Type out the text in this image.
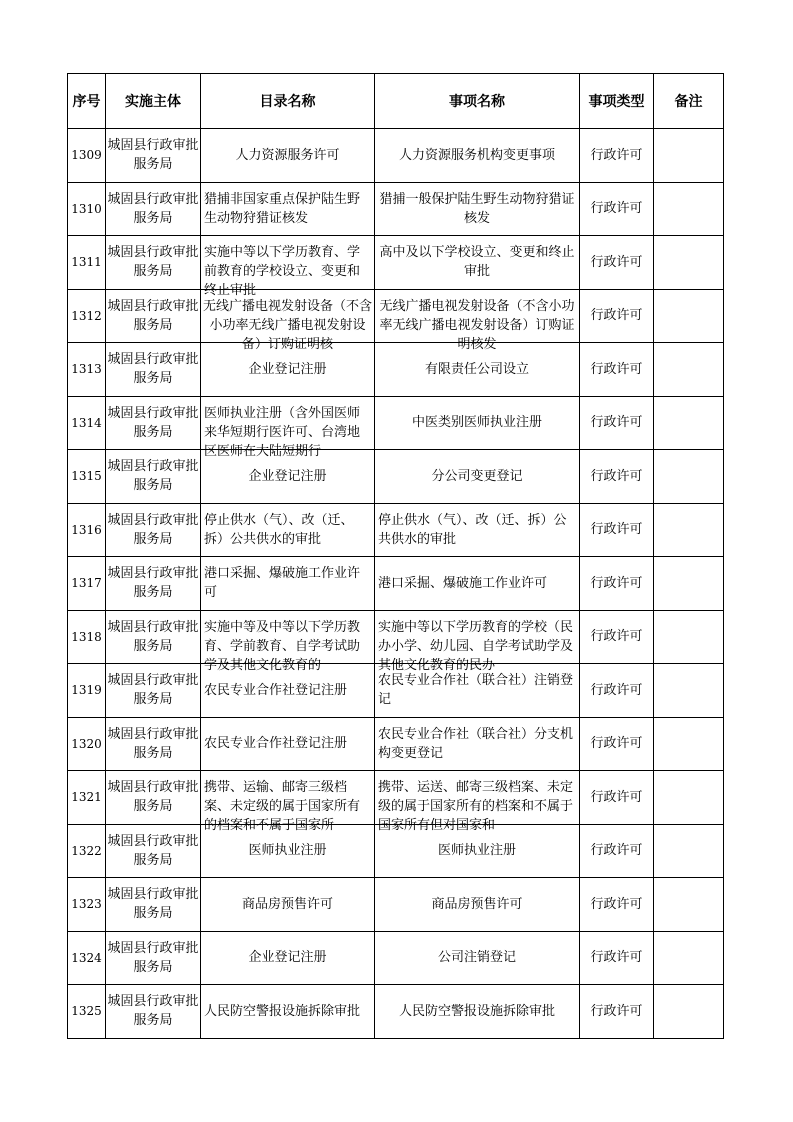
序号	实施主体	目录名称	事项名称	事项类型	备注
1309	城固县行政审批服务局	人力资源服务许可	人力资源服务机构变更事项	行政许可	

1310	城固县行政审批服务局	猎捕非国家重点保护陆生野生动物狩猎证核发	猎捕一般保护陆生野生动物狩猎证核发	行政许可	

1311	城固县行政审批服务局	实施中等以下学历教育、学前教育的学校设立、变更和终止审批	高中及以下学校设立、变更和终止审批	行政许可	

1312	城固县行政审批服务局	无线广播电视发射设备（不含小功率无线广播电视发射设备）订购证明核	无线广播电视发射设备（不含小功率无线广播电视发射设备）订购证明核发	行政许可	

1313	城固县行政审批服务局	企业登记注册	有限责任公司设立	行政许可	

1314	城固县行政审批服务局	医师执业注册（含外国医师来华短期行医许可、台湾地区医师在大陆短期行	中医类别医师执业注册	行政许可	

1315	城固县行政审批服务局	企业登记注册	分公司变更登记	行政许可	

1316	城固县行政审批服务局	停止供水（气）、改（迁、拆）公共供水的审批	停止供水（气）、改（迁、拆）公共供水的审批	行政许可	

1317	城固县行政审批服务局	港口采掘、爆破施工作业许可	港口采掘、爆破施工作业许可	行政许可	

1318	城固县行政审批服务局	实施中等及中等以下学历教育、学前教育、自学考试助学及其他文化教育的	实施中等以下学历教育的学校（民办小学、幼儿园、自学考试助学及其他文化教育的民办	行政许可	

1319	城固县行政审批服务局	农民专业合作社登记注册	农民专业合作社（联合社）注销登记	行政许可	

1320	城固县行政审批服务局	农民专业合作社登记注册	农民专业合作社（联合社）分支机构变更登记	行政许可	

1321	城固县行政审批服务局	携带、运输、邮寄三级档案、未定级的属于国家所有的档案和不属于国家所	携带、运送、邮寄三级档案、未定级的属于国家所有的档案和不属于国家所有但对国家和	行政许可	

1322	城固县行政审批服务局	医师执业注册	医师执业注册	行政许可	

1323	城固县行政审批服务局	商品房预售许可	商品房预售许可	行政许可	

1324	城固县行政审批服务局	企业登记注册	公司注销登记	行政许可	

1325	城固县行政审批服务局	人民防空警报设施拆除审批	人民防空警报设施拆除审批	行政许可	
